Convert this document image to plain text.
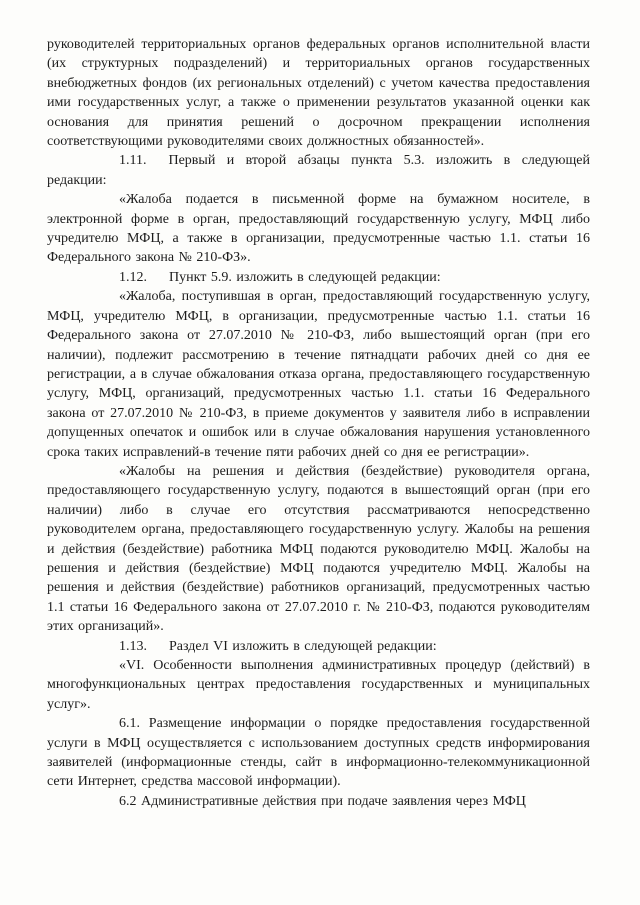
руководителей территориальных органов федеральных органов исполнительной власти (их структурных подразделений) и территориальных органов государственных внебюджетных фондов (их региональных отделений) с учетом качества предоставления ими государственных услуг, а также о применении результатов указанной оценки как основания для принятия решений о досрочном прекращении исполнения соответствующими руководителями своих должностных обязанностей».

1.11. Первый и второй абзацы пункта 5.3. изложить в следующей редакции:

«Жалоба подается в письменной форме на бумажном носителе, в электронной форме в орган, предоставляющий государственную услугу, МФЦ либо учредителю МФЦ, а также в организации, предусмотренные частью 1.1. статьи 16 Федерального закона № 210-ФЗ».

1.12. Пункт 5.9. изложить в следующей редакции:

«Жалоба, поступившая в орган, предоставляющий государственную услугу, МФЦ, учредителю МФЦ, в организации, предусмотренные частью 1.1. статьи 16 Федерального закона от 27.07.2010 № 210-ФЗ, либо вышестоящий орган (при его наличии), подлежит рассмотрению в течение пятнадцати рабочих дней со дня ее регистрации, а в случае обжалования отказа органа, предоставляющего государственную услугу, МФЦ, организаций, предусмотренных частью 1.1. статьи 16 Федерального закона от 27.07.2010 № 210-ФЗ, в приеме документов у заявителя либо в исправлении допущенных опечаток и ошибок или в случае обжалования нарушения установленного срока таких исправлений-в течение пяти рабочих дней со дня ее регистрации».

«Жалобы на решения и действия (бездействие) руководителя органа, предоставляющего государственную услугу, подаются в вышестоящий орган (при его наличии) либо в случае его отсутствия рассматриваются непосредственно руководителем органа, предоставляющего государственную услугу. Жалобы на решения и действия (бездействие) работника МФЦ подаются руководителю МФЦ. Жалобы на решения и действия (бездействие) МФЦ подаются учредителю МФЦ. Жалобы на решения и действия (бездействие) работников организаций, предусмотренных частью 1.1 статьи 16 Федерального закона от 27.07.2010 г. № 210-ФЗ, подаются руководителям этих организаций».

1.13. Раздел VI изложить в следующей редакции:

«VI. Особенности выполнения административных процедур (действий) в многофункциональных центрах предоставления государственных и муниципальных услуг».

6.1. Размещение информации о порядке предоставления государственной услуги в МФЦ осуществляется с использованием доступных средств информирования заявителей (информационные стенды, сайт в информационно-телекоммуникационной сети Интернет, средства массовой информации).

6.2 Административные действия при подаче заявления через МФЦ
